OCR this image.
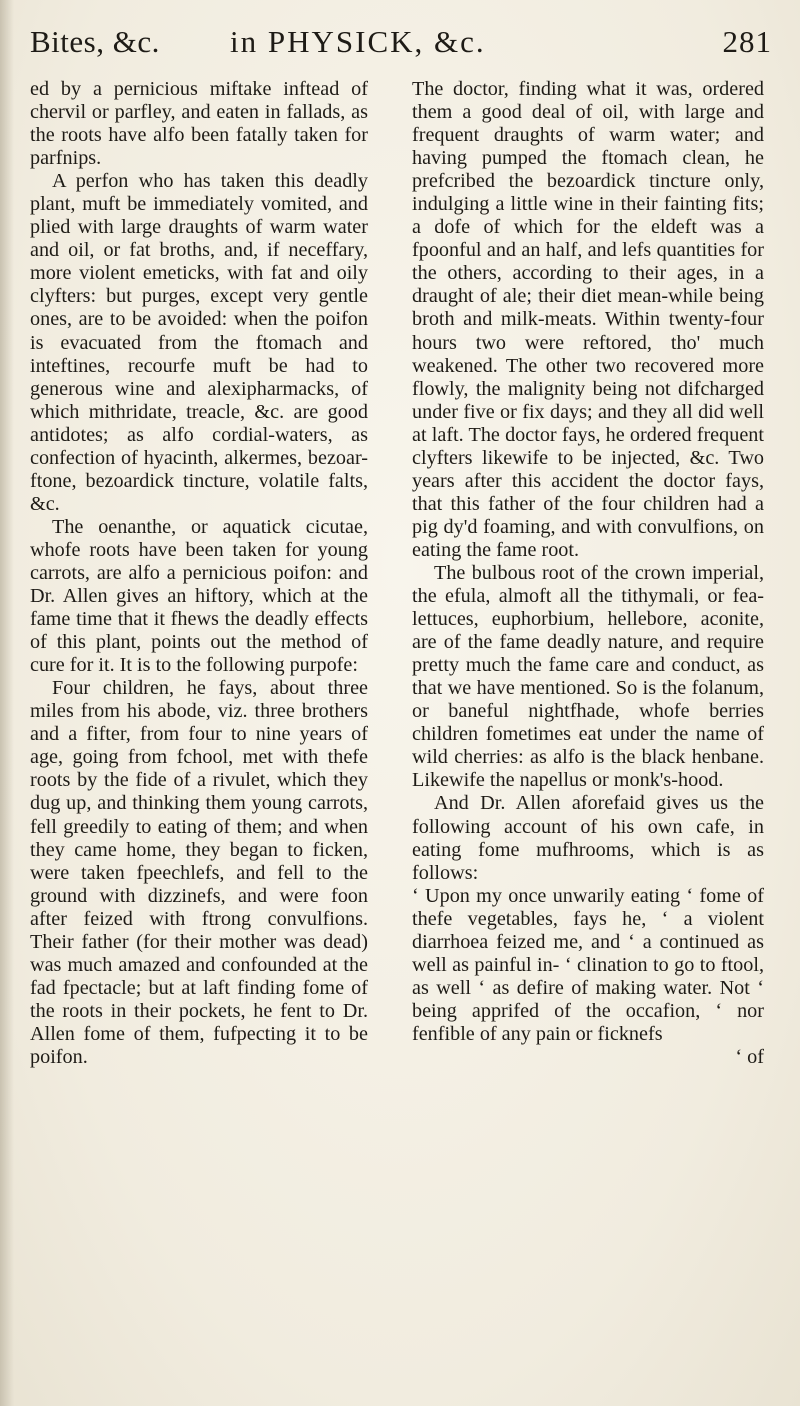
Bites, &c. in PHYSICK, &c.	281

ed by a pernicious miftake inftead of chervil or parfley, and eaten in fallads, as the roots have alfo been fatally taken for parfnips.

A perfon who has taken this deadly plant, muft be immediately vomited, and plied with large draughts of warm water and oil, or fat broths, and, if neceffary, more violent emeticks, with fat and oily clyfters: but purges, except very gentle ones, are to be avoided: when the poifon is evacuated from the ftomach and inteftines, recourfe muft be had to generous wine and alexipharmacks, of which mithridate, treacle, &c. are good antidotes; as alfo cordial-waters, as confection of hyacinth, alkermes, bezoar-ftone, bezoardick tincture, volatile falts, &c.

The oenanthe, or aquatick cicutae, whofe roots have been taken for young carrots, are alfo a pernicious poifon: and Dr. Allen gives an hiftory, which at the fame time that it fhews the deadly effects of this plant, points out the method of cure for it. It is to the following purpofe:

Four children, he fays, about three miles from his abode, viz. three brothers and a fifter, from four to nine years of age, going from fchool, met with thefe roots by the fide of a rivulet, which they dug up, and thinking them young carrots, fell greedily to eating of them; and when they came home, they began to ficken, were taken fpeechlefs, and fell to the ground with dizzinefs, and were foon after feized with ftrong convulfions. Their father (for their mother was dead) was much amazed and confounded at the fad fpectacle; but at laft finding fome of the roots in their pockets, he fent to Dr. Allen fome of them, fufpecting it to be poifon.

The doctor, finding what it was, ordered them a good deal of oil, with large and frequent draughts of warm water; and having pumped the ftomach clean, he prefcribed the bezoardick tincture only, indulging a little wine in their fainting fits; a dofe of which for the eldeft was a fpoonful and an half, and lefs quantities for the others, according to their ages, in a draught of ale; their diet mean-while being broth and milk-meats. Within twenty-four hours two were reftored, tho' much weakened. The other two recovered more flowly, the malignity being not difcharged under five or fix days; and they all did well at laft. The doctor fays, he ordered frequent clyfters likewife to be injected, &c. Two years after this accident the doctor fays, that this father of the four children had a pig dy'd foaming, and with convulfions, on eating the fame root.

The bulbous root of the crown imperial, the efula, almoft all the tithymali, or fea-lettuces, euphorbium, hellebore, aconite, are of the fame deadly nature, and require pretty much the fame care and conduct, as that we have mentioned. So is the folanum, or baneful nightfhade, whofe berries children fometimes eat under the name of wild cherries: as alfo is the black henbane. Likewife the napellus or monk's-hood.

And Dr. Allen aforefaid gives us the following account of his own cafe, in eating fome mufhrooms, which is as follows:

‘ Upon my once unwarily eating ‘ fome of thefe vegetables, fays he, ‘ a violent diarrhoea feized me, and ‘ a continued as well as painful in- ‘ clination to go to ftool, as well ‘ as defire of making water. Not ‘ being apprifed of the occafion, ‘ nor fenfible of any pain or ficknefs

‘ of
